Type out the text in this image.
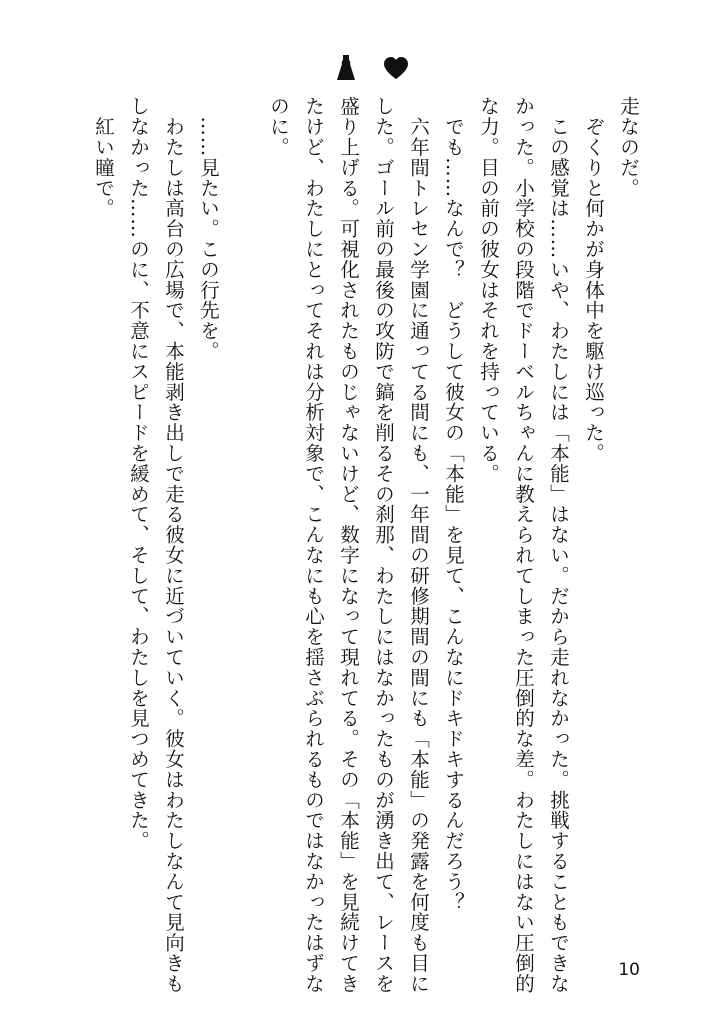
走なのだ。

　ぞくりと何かが身体中を駆け巡った。

　この感覚は……いや、わたしには「本能」はない。だから走れなかった。挑戦することもできな

かった。小学校の段階でドーベルちゃんに教えられてしまった圧倒的な差。わたしにはない圧倒的

な力。目の前の彼女はそれを持っている。

　でも……なんで？　どうして彼女の「本能」を見て、こんなにドキドキするんだろう？

　六年間トレセン学園に通ってる間にも、一年間の研修期間の間にも「本能」の発露を何度も目に

した。ゴール前の最後の攻防で鎬を削るその刹那、わたしにはなかったものが湧き出て、レースを

盛り上げる。可視化されたものじゃないけど、数字になって現れてる。その「本能」を見続けてき

たけど、わたしにとってそれは分析対象で、こんなにも心を揺さぶられるものではなかったはずな

のに。

　……見たい。この行先を。

　わたしは高台の広場で、本能剥き出しで走る彼女に近づいていく。彼女はわたしなんて見向きも

しなかった……のに、不意にスピードを緩めて、そして、わたしを見つめてきた。

　紅い瞳で。

10
